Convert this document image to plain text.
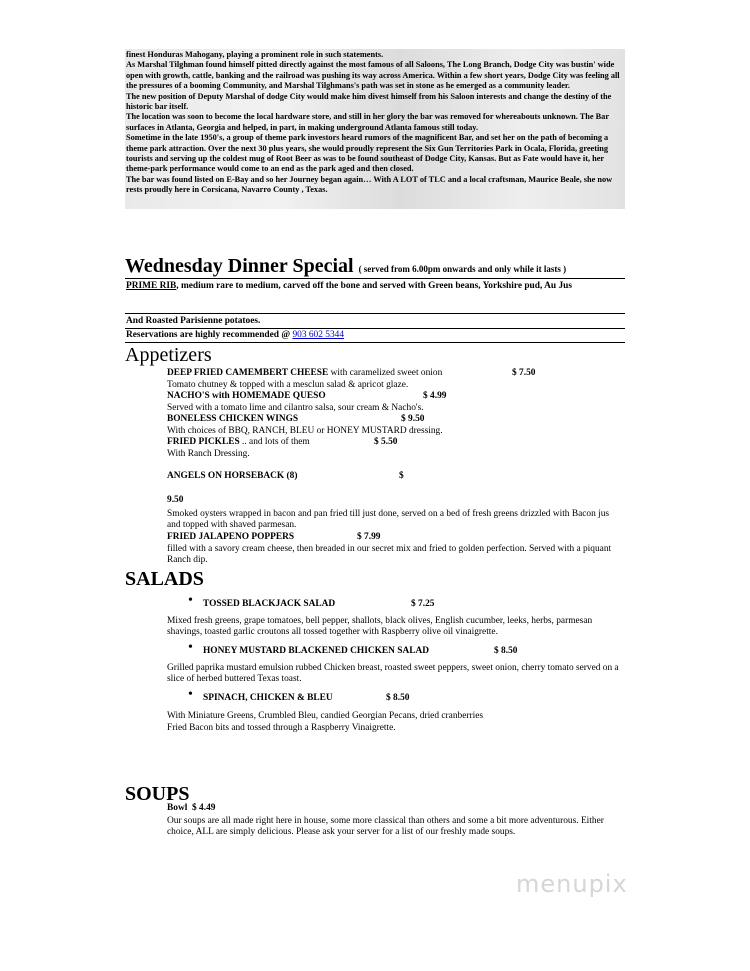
finest Honduras Mahogany, playing a prominent role in such statements.

As Marshal Tilghman found himself pitted directly against the most famous of all Saloons, The Long Branch, Dodge City was bustin' wide open with growth, cattle, banking and the railroad was pushing its way across America. Within a few short years, Dodge City was feeling all the pressures of a booming Community, and Marshal Tilghmans's path was set in stone as he emerged as a community leader.

The new position of Deputy Marshal of dodge City would make him divest himself from his Saloon interests and change the destiny of the historic bar itself.

The location was soon to become the local hardware store, and still in her glory the bar was removed for whereabouts unknown. The Bar surfaces in Atlanta, Georgia and helped, in part, in making underground Atlanta famous still today.

Sometime in the late 1950's, a group of theme park investors heard rumors of the magnificent Bar, and set her on the path of becoming a theme park attraction. Over the next 30 plus years, she would proudly represent the Six Gun Territories Park in Ocala, Florida, greeting tourists and serving up the coldest mug of Root Beer as was to be found southeast of Dodge City, Kansas. But as Fate would have it, her theme-park performance would come to an end as the park aged and then closed.

The bar was found listed on E-Bay and so her Journey began again… With A LOT of TLC and a local craftsman, Maurice Beale, she now rests proudly here in Corsicana, Navarro County , Texas.

Wednesday Dinner Special ( served from 6.00pm onwards and only while it lasts )
PRIME RIB, medium rare to medium, carved off the bone and served with Green beans, Yorkshire pud, Au Jus
And Roasted Parisienne potatoes.
Reservations are highly recommended @ 903 602 5344
Appetizers
DEEP FRIED CAMEMBERT CHEESE with caramelized sweet onion	$ 7.50
Tomato chutney & topped with a mesclun salad & apricot glaze.
NACHO'S with HOMEMADE QUESO	$ 4.99
Served with a tomato lime and cilantro salsa, sour cream & Nacho's.
BONELESS CHICKEN WINGS	$ 9.50
With choices of BBQ, RANCH, BLEU or HONEY MUSTARD dressing.
FRIED PICKLES .. and lots of them	$ 5.50
With Ranch Dressing.
ANGELS ON HORSEBACK (8)	$
9.50
Smoked oysters wrapped in bacon and pan fried till just done, served on a bed of fresh greens drizzled with Bacon jus and topped with shaved parmesan.
FRIED JALAPENO POPPERS	$ 7.99
filled with a savory cream cheese, then breaded in our secret mix and fried to golden perfection. Served with a piquant Ranch dip.
SALADS
• TOSSED BLACKJACK SALAD	$ 7.25
Mixed fresh greens, grape tomatoes, bell pepper, shallots, black olives, English cucumber, leeks, herbs, parmesan shavings, toasted garlic croutons all tossed together with Raspberry olive oil vinaigrette.
• HONEY MUSTARD BLACKENED CHICKEN SALAD	$ 8.50
Grilled paprika mustard emulsion rubbed Chicken breast, roasted sweet peppers, sweet onion, cherry tomato served on a slice of herbed buttered Texas toast.
• SPINACH, CHICKEN & BLEU	$ 8.50
With Miniature Greens, Crumbled Bleu, candied Georgian Pecans, dried cranberries
Fried Bacon bits and tossed through a Raspberry Vinaigrette.
SOUPS
Bowl $ 4.49
Our soups are all made right here in house, some more classical than others and some a bit more adventurous. Either choice, ALL are simply delicious. Please ask your server for a list of our freshly made soups.
menupix
